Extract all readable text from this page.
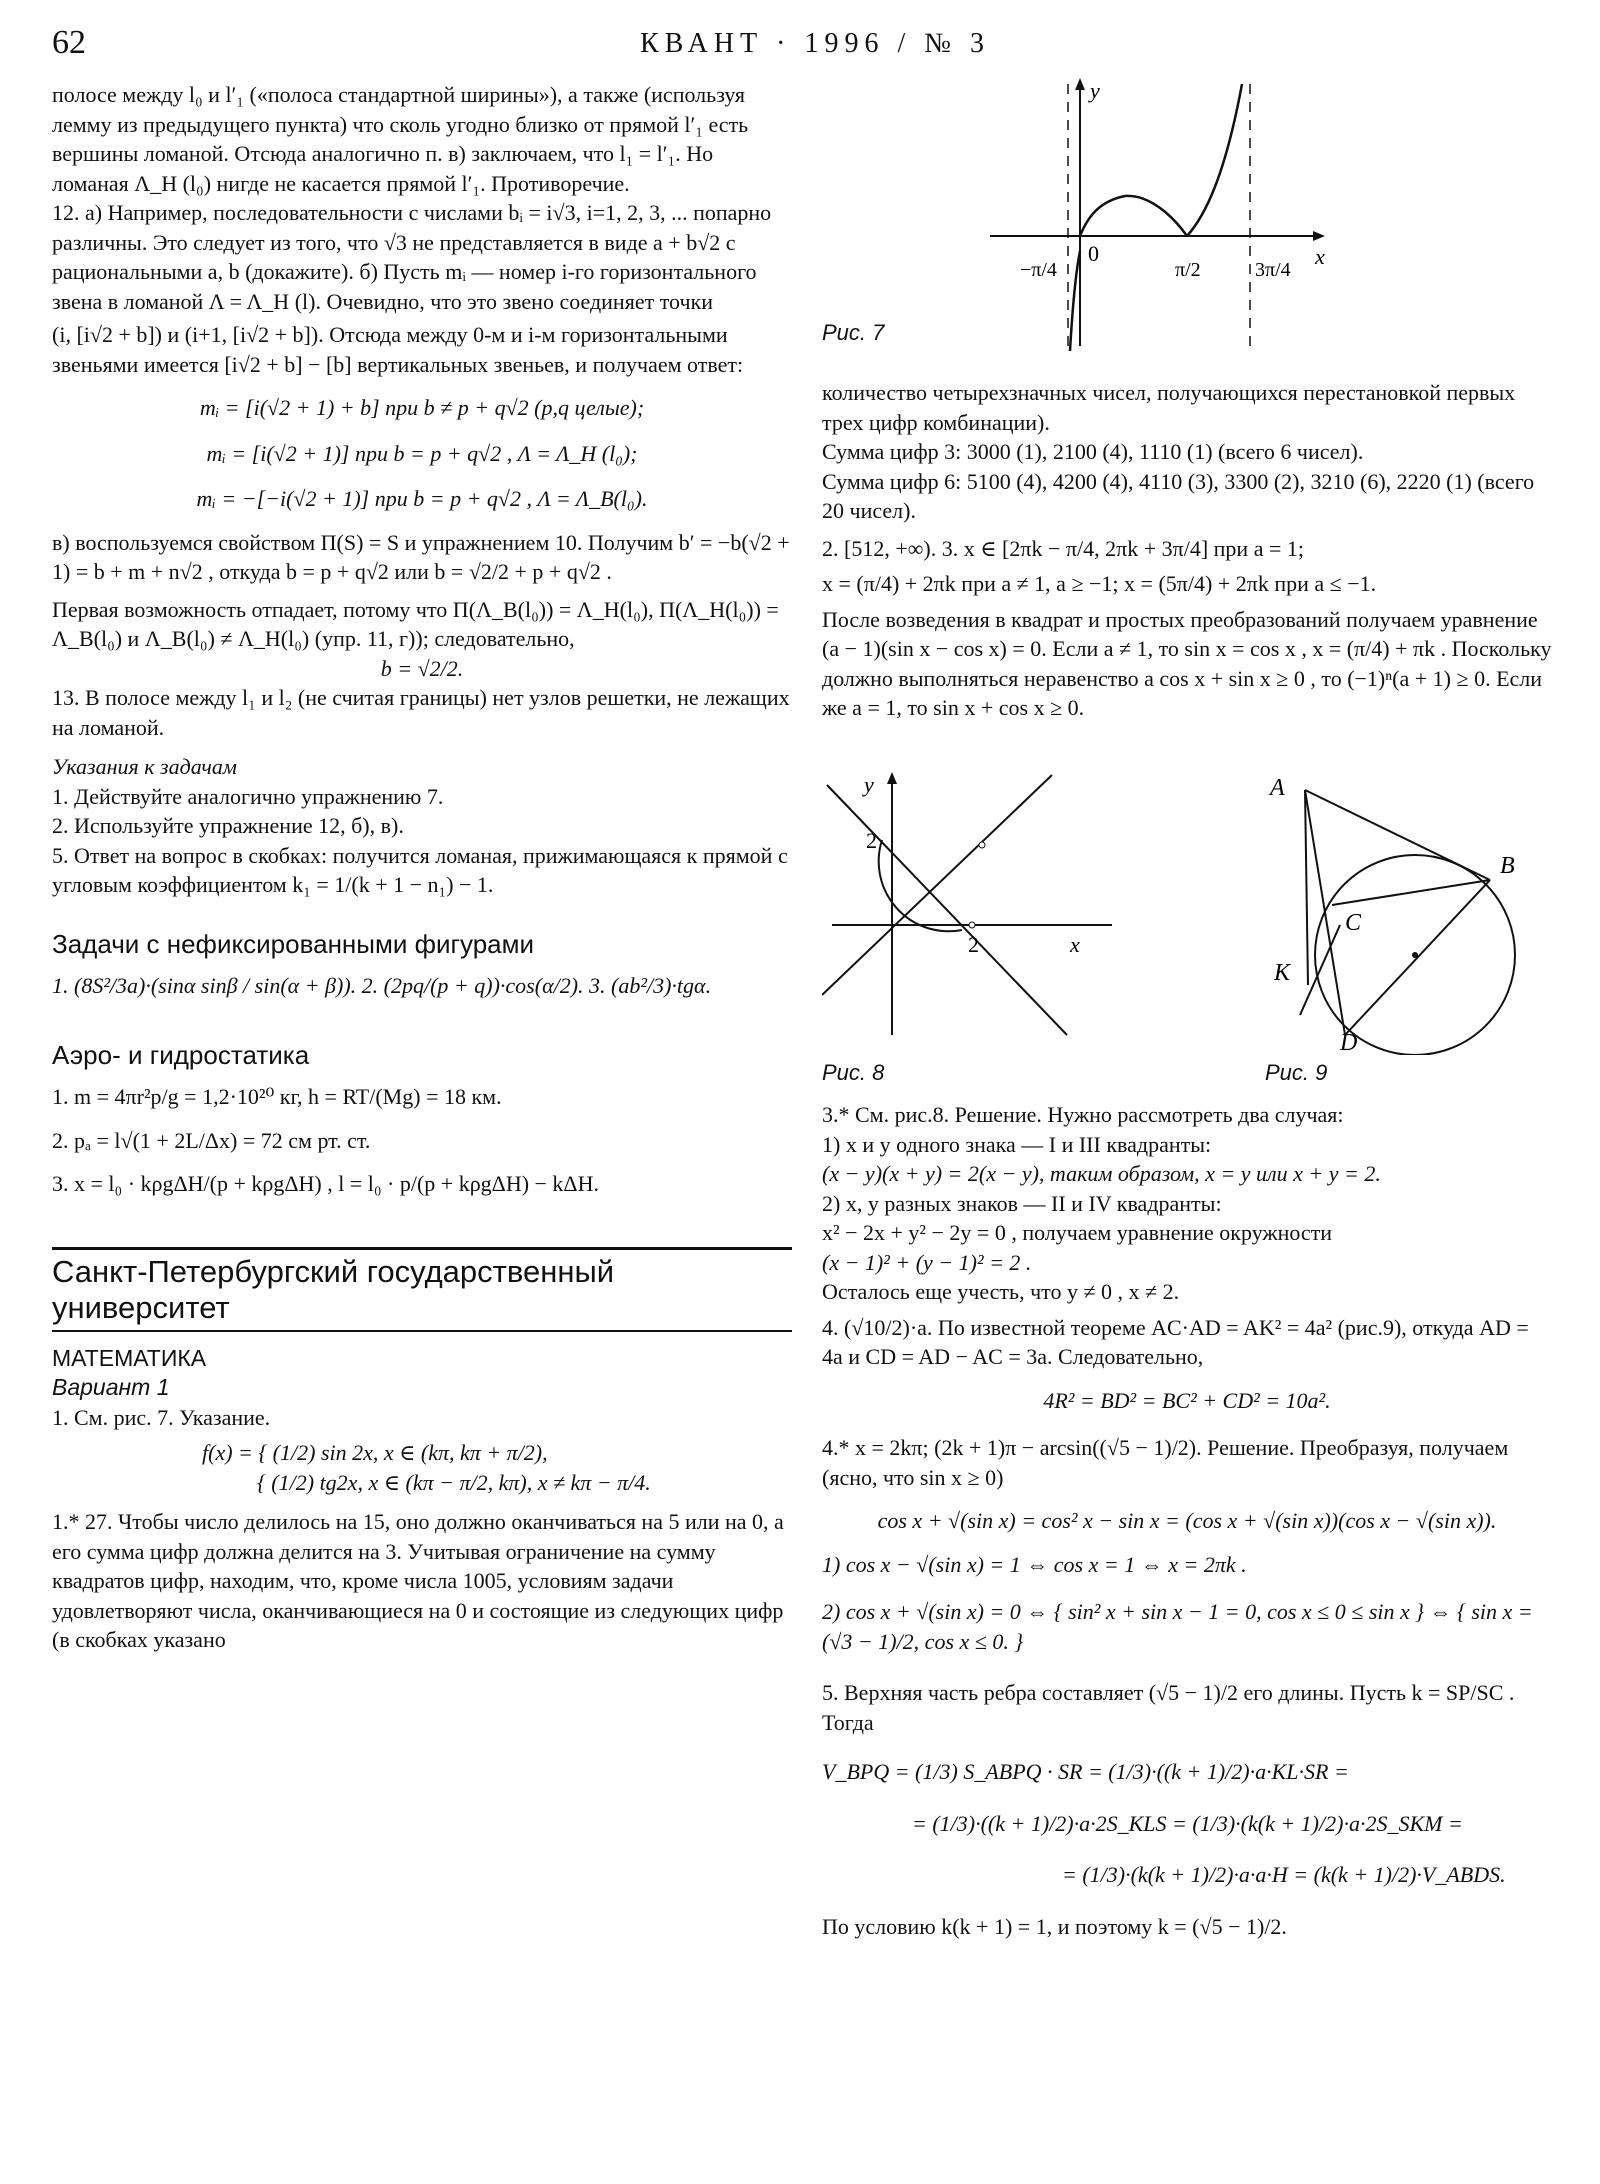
62	КВАНТ · 1996 / № 3

полосе между l₀ и l′₁ («полоса стандартной ширины»), а также (используя лемму из предыдущего пункта) что сколь угодно близко от прямой l′₁ есть вершины ломаной. Отсюда аналогично п. в) заключаем, что l₁ = l′₁. Но ломаная Λ_H (l₀) нигде не касается прямой l′₁. Противоречие.

12. а) Например, последовательности с числами bᵢ = i√3, i=1, 2, 3, ... попарно различны. Это следует из того, что √3 не представляется в виде a + b√2 с рациональными a, b (докажите). б) Пусть mᵢ — номер i-го горизонтального звена в ломаной Λ = Λ_H (l). Очевидно, что это звено соединяет точки

(i, [i√2 + b]) и (i+1, [i√2 + b]). Отсюда между 0-м и i-м горизонтальными звеньями имеется [i√2 + b] − [b] вертикальных звеньев, и получаем ответ:

mᵢ = [i(√2 + 1) + b] при b ≠ p + q√2 (p,q целые);

mᵢ = [i(√2 + 1)] при b = p + q√2 , Λ = Λ_H (l₀);

mᵢ = −[−i(√2 + 1)] при b = p + q√2 , Λ = Λ_B(l₀).

в) воспользуемся свойством Π(S) = S и упражнением 10. Получим b′ = −b(√2 + 1) = b + m + n√2 , откуда b = p + q√2 или b = √2/2 + p + q√2 .

Первая возможность отпадает, потому что Π(Λ_B(l₀)) = Λ_H(l₀), Π(Λ_H(l₀)) = Λ_B(l₀) и Λ_B(l₀) ≠ Λ_H(l₀) (упр. 11, г)); следовательно,

b = √2/2.

13. В полосе между l₁ и l₂ (не считая границы) нет узлов решетки, не лежащих на ломаной.

Указания к задачам

1. Действуйте аналогично упражнению 7.

2. Используйте упражнение 12, б), в).

5. Ответ на вопрос в скобках: получится ломаная, прижимающаяся к прямой с угловым коэффициентом k₁ = 1/(k + 1 − n₁) − 1.

Задачи с нефиксированными фигурами

1. (8S²/3a)·(sinα sinβ / sin(α + β)). 2. (2pq/(p + q))·cos(α/2). 3. (ab²/3)·tgα.

Аэро- и гидростатика

1. m = 4πr²p/g = 1,2·10²⁰ кг, h = RT/(Mg) = 18 км.

2. pₐ = l√(1 + 2L/Δx) = 72 см рт. ст.

3. x = l₀ · kρgΔH/(p + kρgΔH) , l = l₀ · p/(p + kρgΔH) − kΔH.

Санкт-Петербургский государственный университет

МАТЕМАТИКА

Вариант 1

1. См. рис. 7. Указание.

f(x) = { (1/2) sin 2x, x ∈ (kπ, kπ + π/2),

{ (1/2) tg2x, x ∈ (kπ − π/2, kπ), x ≠ kπ − π/4.

1.* 27. Чтобы число делилось на 15, оно должно оканчиваться на 5 или на 0, а его сумма цифр должна делится на 3. Учитывая ограничение на сумму квадратов цифр, находим, что, кроме числа 1005, условиям задачи удовлетворяют числа, оканчивающиеся на 0 и состоящие из следующих цифр (в скобках указано

y
x
0
−π/4	π/2	3π/4
Рис. 7

количество четырехзначных чисел, получающихся перестановкой первых трех цифр комбинации).

Сумма цифр 3: 3000 (1), 2100 (4), 1110 (1) (всего 6 чисел).

Сумма цифр 6: 5100 (4), 4200 (4), 4110 (3), 3300 (2), 3210 (6), 2220 (1) (всего 20 чисел).

2. [512, +∞). 3. x ∈ [2πk − π/4, 2πk + 3π/4] при a = 1;

x = (π/4) + 2πk при a ≠ 1, a ≥ −1; x = (5π/4) + 2πk при a ≤ −1.

После возведения в квадрат и простых преобразований получаем уравнение (a − 1)(sin x − cos x) = 0. Если a ≠ 1, то sin x = cos x , x = (π/4) + πk . Поскольку должно выполняться неравенство a cos x + sin x ≥ 0 , то (−1)ⁿ(a + 1) ≥ 0. Если же a = 1, то sin x + cos x ≥ 0.

y
x
2
2
Рис. 8
A
B
C
K
D
Рис. 9

3.* См. рис.8. Решение. Нужно рассмотреть два случая:

1) x и y одного знака — I и III квадранты:

(x − y)(x + y) = 2(x − y), таким образом, x = y или x + y = 2.

2) x, y разных знаков — II и IV квадранты:

x² − 2x + y² − 2y = 0 , получаем уравнение окружности

(x − 1)² + (y − 1)² = 2 .

Осталось еще учесть, что y ≠ 0 , x ≠ 2.

4. (√10/2)·a. По известной теореме AC·AD = AK² = 4a² (рис.9), откуда AD = 4a и CD = AD − AC = 3a. Следовательно,

4R² = BD² = BC² + CD² = 10a².

4.* x = 2kπ; (2k + 1)π − arcsin((√5 − 1)/2). Решение. Преобразуя, получаем (ясно, что sin x ≥ 0)

cos x + √(sin x) = cos² x − sin x = (cos x + √(sin x))(cos x − √(sin x)).

1) cos x − √(sin x) = 1 ⇔ cos x = 1 ⇔ x = 2πk .

2) cos x + √(sin x) = 0 ⇔ { sin² x + sin x − 1 = 0, cos x ≤ 0 ≤ sin x } ⇔ { sin x = (√3 − 1)/2, cos x ≤ 0. }

5. Верхняя часть ребра составляет (√5 − 1)/2 его длины. Пусть k = SP/SC . Тогда

V_BPQ = (1/3) S_ABPQ · SR = (1/3)·((k + 1)/2)·a·KL·SR =

= (1/3)·((k + 1)/2)·a·2S_KLS = (1/3)·(k(k + 1)/2)·a·2S_SKM =

= (1/3)·(k(k + 1)/2)·a·a·H = (k(k + 1)/2)·V_ABDS.

По условию k(k + 1) = 1, и поэтому k = (√5 − 1)/2.
